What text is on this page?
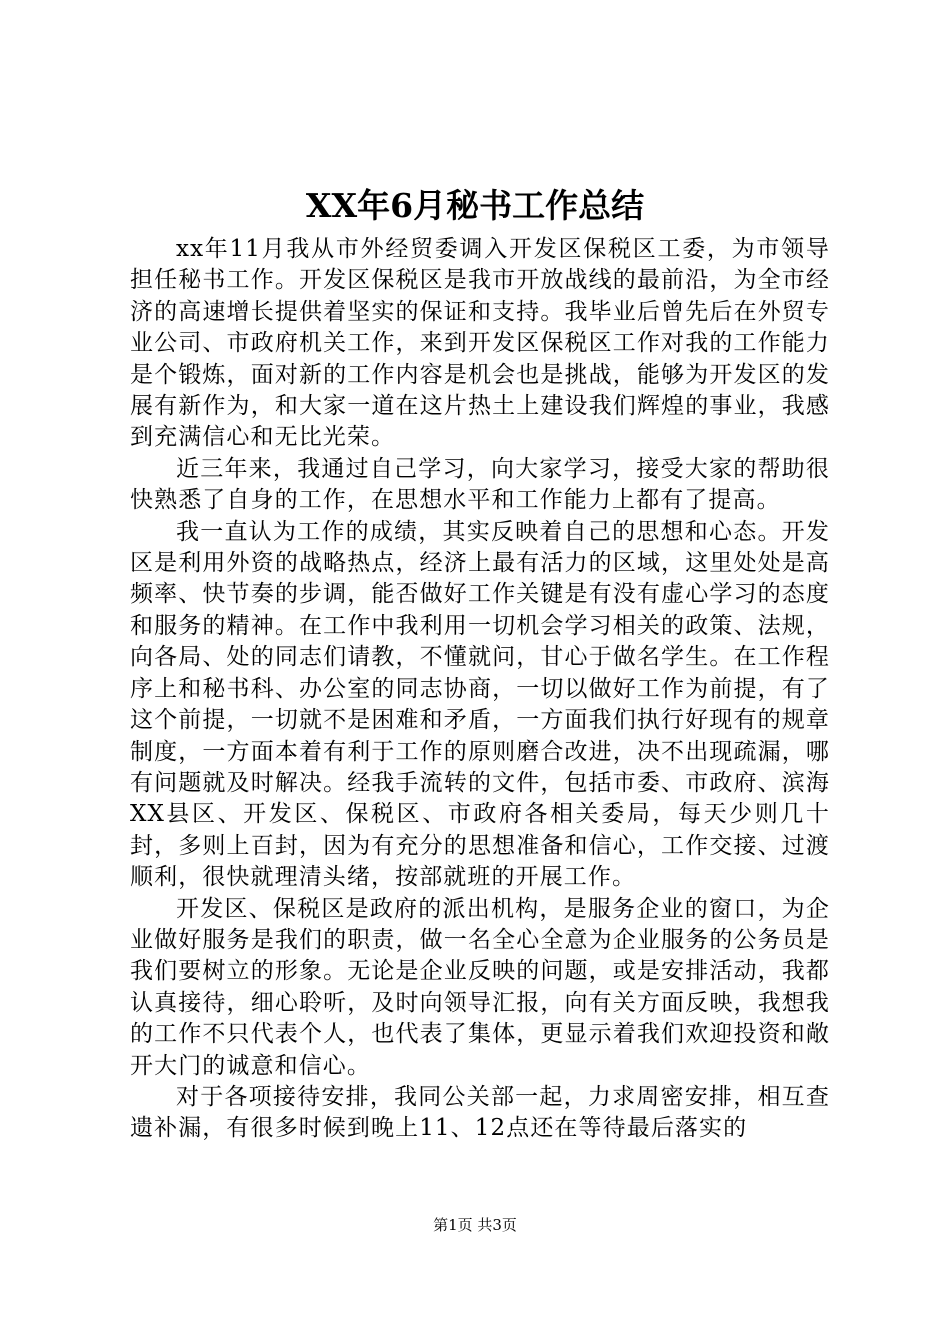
XX年6月秘书工作总结

xx年11月我从市外经贸委调入开发区保税区工委，为市领导担任秘书工作。开发区保税区是我市开放战线的最前沿，为全市经济的高速增长提供着坚实的保证和支持。我毕业后曾先后在外贸专业公司、市政府机关工作，来到开发区保税区工作对我的工作能力是个锻炼，面对新的工作内容是机会也是挑战，能够为开发区的发展有新作为，和大家一道在这片热土上建设我们辉煌的事业，我感到充满信心和无比光荣。

近三年来，我通过自己学习，向大家学习，接受大家的帮助很快熟悉了自身的工作，在思想水平和工作能力上都有了提高。

我一直认为工作的成绩，其实反映着自己的思想和心态。开发区是利用外资的战略热点，经济上最有活力的区域，这里处处是高频率、快节奏的步调，能否做好工作关键是有没有虚心学习的态度和服务的精神。在工作中我利用一切机会学习相关的政策、法规，向各局、处的同志们请教，不懂就问，甘心于做名学生。在工作程序上和秘书科、办公室的同志协商，一切以做好工作为前提，有了这个前提，一切就不是困难和矛盾，一方面我们执行好现有的规章制度，一方面本着有利于工作的原则磨合改进，决不出现疏漏，哪有问题就及时解决。经我手流转的文件，包括市委、市政府、滨海XX县区、开发区、保税区、市政府各相关委局，每天少则几十封，多则上百封，因为有充分的思想准备和信心，工作交接、过渡顺利，很快就理清头绪，按部就班的开展工作。

开发区、保税区是政府的派出机构，是服务企业的窗口，为企业做好服务是我们的职责，做一名全心全意为企业服务的公务员是我们要树立的形象。无论是企业反映的问题，或是安排活动，我都认真接待，细心聆听，及时向领导汇报，向有关方面反映，我想我的工作不只代表个人，也代表了集体，更显示着我们欢迎投资和敞开大门的诚意和信心。

对于各项接待安排，我同公关部一起，力求周密安排，相互查遗补漏，有很多时候到晚上11、12点还在等待最后落实的

第1页 共3页
